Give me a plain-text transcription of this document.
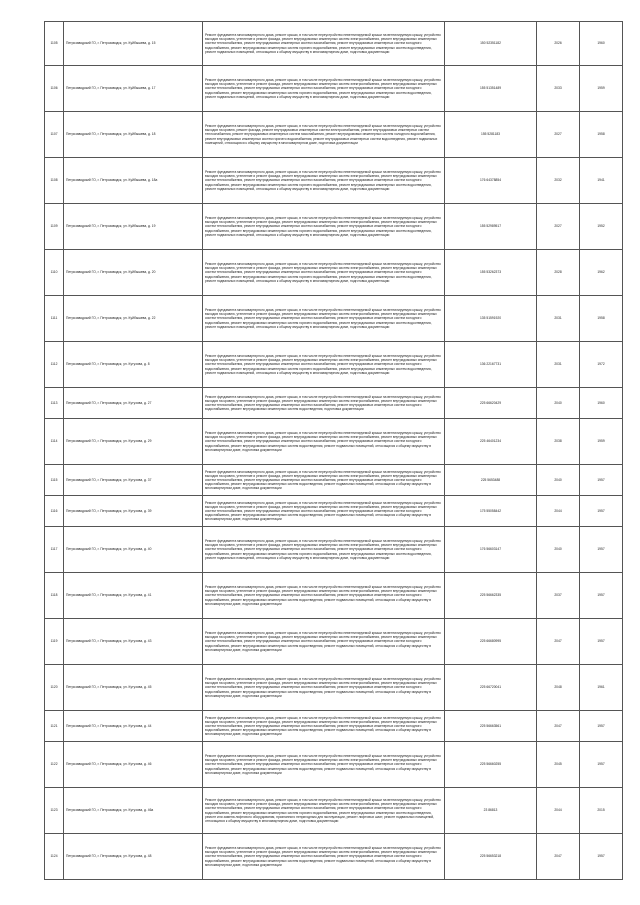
1105	Петрозаводский ГО, г. Петрозаводск, ул. Куйбышева, д. 15	Ремонт фундамента многоквартирного дома, ремонт крыши, в том числе переустройство невентилируемой крыши на вентилируемую крышу, устройство выходов на кровлю, утепление и ремонт фасада, ремонт внутридомовых инженерных систем электроснабжения, ремонт внутридомовых инженерных систем теплоснабжения, ремонт внутридомовых инженерных систем газоснабжения, ремонт внутридомовых инженерных систем холодного водоснабжения, ремонт внутридомовых инженерных систем горячего водоснабжения, ремонт внутридомовых инженерных систем водоотведения, ремонт подвальных помещений, относящихся к общему имуществу в многоквартирном доме, подготовка документации	150 52351182	2026	1960
1106	Петрозаводский ГО, г. Петрозаводск, ул. Куйбышева, д. 17	Ремонт фундамента многоквартирного дома, ремонт крыши, в том числе переустройство невентилируемой крыши на вентилируемую крышу, устройство выходов на кровлю, утепление и ремонт фасада, ремонт внутридомовых инженерных систем электроснабжения, ремонт внутридомовых инженерных систем теплоснабжения, ремонт внутридомовых инженерных систем газоснабжения, ремонт внутридомовых инженерных систем холодного водоснабжения, ремонт внутридомовых инженерных систем горячего водоснабжения, ремонт внутридомовых инженерных систем водоотведения, ремонт подвальных помещений, относящихся к общему имуществу в многоквартирном доме, подготовка документации	155 51351489	2033	1959
1107	Петрозаводский ГО, г. Петрозаводск, ул. Куйбышева, д. 18	Ремонт фундамента многоквартирного дома, ремонт крыши, в том числе переустройство невентилируемой крыши на вентилируемую крышу, устройство выходов на кровлю, ремонт фасада, ремонт внутридомовых инженерных систем электроснабжения, ремонт внутридомовых инженерных систем теплоснабжения, ремонт внутридомовых инженерных систем газоснабжения, ремонт внутридомовых инженерных систем холодного водоснабжения, ремонт внутридомовых инженерных систем горячего водоснабжения, ремонт внутридомовых инженерных систем водоотведения, ремонт подвальных помещений, относящихся к общему имуществу в многоквартирном доме, подготовка документации	155 5281183	2027	1958
1108	Петрозаводский ГО, г. Петрозаводск, ул. Куйбышева, д. 18а	Ремонт фундамента многоквартирного дома, ремонт крыши, в том числе переустройство невентилируемой крыши на вентилируемую крышу, устройство выходов на кровлю, утепление и ремонт фасада, ремонт внутридомовых инженерных систем электроснабжения, ремонт внутридомовых инженерных систем теплоснабжения, ремонт внутридомовых инженерных систем газоснабжения, ремонт внутридомовых инженерных систем холодного водоснабжения, ремонт внутридомовых инженерных систем горячего водоснабжения, ремонт внутридомовых инженерных систем водоотведения, ремонт подвальных помещений, относящихся к общему имуществу в многоквартирном доме, подготовка документации	176 64378854	2032	1941
1109	Петрозаводский ГО, г. Петрозаводск, ул. Куйбышева, д. 19	Ремонт фундамента многоквартирного дома, ремонт крыши, в том числе переустройство невентилируемой крыши на вентилируемую крышу, устройство выходов на кровлю, утепление и ремонт фасада, ремонт внутридомовых инженерных систем электроснабжения, ремонт внутридомовых инженерных систем теплоснабжения, ремонт внутридомовых инженерных систем газоснабжения, ремонт внутридомовых инженерных систем холодного водоснабжения, ремонт внутридомовых инженерных систем горячего водоснабжения, ремонт внутридомовых инженерных систем водоотведения, ремонт подвальных помещений, относящихся к общему имуществу в многоквартирном доме, подготовка документации	155 52989517	2027	1952
1110	Петрозаводский ГО, г. Петрозаводск, ул. Куйбышева, д. 20	Ремонт фундамента многоквартирного дома, ремонт крыши, в том числе переустройство невентилируемой крыши на вентилируемую крышу, устройство выходов на кровлю, утепление и ремонт фасада, ремонт внутридомовых инженерных систем электроснабжения, ремонт внутридомовых инженерных систем теплоснабжения, ремонт внутридомовых инженерных систем газоснабжения, ремонт внутридомовых инженерных систем холодного водоснабжения, ремонт внутридомовых инженерных систем горячего водоснабжения, ремонт внутридомовых инженерных систем водоотведения, ремонт подвальных помещений, относящихся к общему имуществу в многоквартирном доме, подготовка документации	155 53262373	2028	1962
1111	Петрозаводский ГО, г. Петрозаводск, ул. Куйбышева, д. 22	Ремонт фундамента многоквартирного дома, ремонт крыши, в том числе переустройство невентилируемой крыши на вентилируемую крышу, устройство выходов на кровлю, утепление и ремонт фасада, ремонт внутридомовых инженерных систем электроснабжения, ремонт внутридомовых инженерных систем теплоснабжения, ремонт внутридомовых инженерных систем газоснабжения, ремонт внутридомовых инженерных систем холодного водоснабжения, ремонт внутридомовых инженерных систем горячего водоснабжения, ремонт внутридомовых инженерных систем водоотведения, ремонт подвальных помещений, относящихся к общему имуществу в многоквартирном доме, подготовка документации	135 51591920	2031	1958
1112	Петрозаводский ГО, г. Петрозаводск, ул. Кутузова, д. 8	Ремонт фундамента многоквартирного дома, ремонт крыши, в том числе переустройство невентилируемой крыши на вентилируемую крышу, устройство выходов на кровлю, утепление и ремонт фасада, ремонт внутридомовых инженерных систем электроснабжения, ремонт внутридомовых инженерных систем теплоснабжения, ремонт внутридомовых инженерных систем газоснабжения, ремонт внутридомовых инженерных систем холодного водоснабжения, ремонт внутридомовых инженерных систем горячего водоснабжения, ремонт внутридомовых инженерных систем водоотведения, ремонт подвальных помещений, относящихся к общему имуществу в многоквартирном доме, подготовка документации	136 22167731	2031	1972
1113	Петрозаводский ГО, г. Петрозаводск, ул. Кутузова, д. 27	Ремонт фундамента многоквартирного дома, ремонт крыши, в том числе переустройство невентилируемой крыши на вентилируемую крышу, устройство выходов на кровлю, утепление и ремонт фасада, ремонт внутридомовых инженерных систем электроснабжения, ремонт внутридомовых инженерных систем теплоснабжения, ремонт внутридомовых инженерных систем газоснабжения, ремонт внутридомовых инженерных систем холодного водоснабжения, ремонт внутридомовых инженерных систем водоотведения, подготовка документации	225 66620429	2040	1960
1114	Петрозаводский ГО, г. Петрозаводск, ул. Кутузова, д. 29	Ремонт фундамента многоквартирного дома, ремонт крыши, в том числе переустройство невентилируемой крыши на вентилируемую крышу, устройство выходов на кровлю, утепление и ремонт фасада, ремонт внутридомовых инженерных систем электроснабжения, ремонт внутридомовых инженерных систем теплоснабжения, ремонт внутридомовых инженерных систем газоснабжения, ремонт внутридомовых инженерных систем холодного водоснабжения, ремонт внутридомовых инженерных систем водоотведения, ремонт подвальных помещений, относящихся к общему имуществу в многоквартирном доме, подготовка документации	225 46401234	2038	1959
1115	Петрозаводский ГО, г. Петрозаводск, ул. Кутузова, д. 37	Ремонт фундамента многоквартирного дома, ремонт крыши, в том числе переустройство невентилируемой крыши на вентилируемую крышу, устройство выходов на кровлю, утепление и ремонт фасада, ремонт внутридомовых инженерных систем электроснабжения, ремонт внутридомовых инженерных систем теплоснабжения, ремонт внутридомовых инженерных систем газоснабжения, ремонт внутридомовых инженерных систем холодного водоснабжения, ремонт внутридомовых инженерных систем водоотведения, ремонт подвальных помещений, относящихся к общему имуществу в многоквартирном доме, подготовка документации	225 5653488	2040	1957
1116	Петрозаводский ГО, г. Петрозаводск, ул. Кутузова, д. 39	Ремонт фундамента многоквартирного дома, ремонт крыши, в том числе переустройство невентилируемой крыши на вентилируемую крышу, устройство выходов на кровлю, утепление и ремонт фасада, ремонт внутридомовых инженерных систем электроснабжения, ремонт внутридомовых инженерных систем теплоснабжения, ремонт внутридомовых инженерных систем газоснабжения, ремонт внутридомовых инженерных систем холодного водоснабжения, ремонт внутридомовых инженерных систем водоотведения, ремонт подвальных помещений, относящихся к общему имуществу в многоквартирном доме, подготовка документации	175 55058442	2044	1957
1117	Петрозаводский ГО, г. Петрозаводск, ул. Кутузова, д. 40	Ремонт фундамента многоквартирного дома, ремонт крыши, в том числе переустройство невентилируемой крыши на вентилируемую крышу, устройство выходов на кровлю, утепление и ремонт фасада, ремонт внутридомовых инженерных систем электроснабжения, ремонт внутридомовых инженерных систем теплоснабжения, ремонт внутридомовых инженерных систем газоснабжения, ремонт внутридомовых инженерных систем холодного водоснабжения, ремонт внутридомовых инженерных систем горячего водоснабжения, ремонт внутридомовых инженерных систем водоотведения, ремонт подвальных помещений, относящихся к общему имуществу в многоквартирном доме, подготовка документации	176 56603147	2040	1957
1118	Петрозаводский ГО, г. Петрозаводск, ул. Кутузова, д. 41	Ремонт фундамента многоквартирного дома, ремонт крыши, в том числе переустройство невентилируемой крыши на вентилируемую крышу, устройство выходов на кровлю, утепление и ремонт фасада, ремонт внутридомовых инженерных систем электроснабжения, ремонт внутридомовых инженерных систем теплоснабжения, ремонт внутридомовых инженерных систем газоснабжения, ремонт внутридомовых инженерных систем холодного водоснабжения, ремонт внутридомовых инженерных систем водоотведения, ремонт подвальных помещений, относящихся к общему имуществу в многоквартирном доме, подготовка документации	225 56662335	2037	1957
1119	Петрозаводский ГО, г. Петрозаводск, ул. Кутузова, д. 43	Ремонт фундамента многоквартирного дома, ремонт крыши, в том числе переустройство невентилируемой крыши на вентилируемую крышу, устройство выходов на кровлю, утепление и ремонт фасада, ремонт внутридомовых инженерных систем электроснабжения, ремонт внутридомовых инженерных систем теплоснабжения, ремонт внутридомовых инженерных систем газоснабжения, ремонт внутридомовых инженерных систем холодного водоснабжения, ремонт внутридомовых инженерных систем водоотведения, ремонт подвальных помещений, относящихся к общему имуществу в многоквартирном доме, подготовка документации	225 66680995	2047	1957
1120	Петрозаводский ГО, г. Петрозаводск, ул. Кутузова, д. 45	Ремонт фундамента многоквартирного дома, ремонт крыши, в том числе переустройство невентилируемой крыши на вентилируемую крышу, устройство выходов на кровлю, утепление и ремонт фасада, ремонт внутридомовых инженерных систем электроснабжения, ремонт внутридомовых инженерных систем теплоснабжения, ремонт внутридомовых инженерных систем газоснабжения, ремонт внутридомовых инженерных систем холодного водоснабжения, ремонт внутридомовых инженерных систем водоотведения, ремонт подвальных помещений, относящихся к общему имуществу в многоквартирном доме, подготовка документации	225 66720041	2048	1961
1121	Петрозаводский ГО, г. Петрозаводск, ул. Кутузова, д. 44	Ремонт фундамента многоквартирного дома, ремонт крыши, в том числе переустройство невентилируемой крыши на вентилируемую крышу, устройство выходов на кровлю, утепление и ремонт фасада, ремонт внутридомовых инженерных систем электроснабжения, ремонт внутридомовых инженерных систем теплоснабжения, ремонт внутридомовых инженерных систем газоснабжения, ремонт внутридомовых инженерных систем холодного водоснабжения, ремонт внутридомовых инженерных систем водоотведения, ремонт подвальных помещений, относящихся к общему имуществу в многоквартирном доме, подготовка документации	225 56663561	2047	1957
1122	Петрозаводский ГО, г. Петрозаводск, ул. Кутузова, д. 46	Ремонт фундамента многоквартирного дома, ремонт крыши, в том числе переустройство невентилируемой крыши на вентилируемую крышу, устройство выходов на кровлю, утепление и ремонт фасада, ремонт внутридомовых инженерных систем электроснабжения, ремонт внутридомовых инженерных систем теплоснабжения, ремонт внутридомовых инженерных систем газоснабжения, ремонт внутридомовых инженерных систем холодного водоснабжения, ремонт внутридомовых инженерных систем водоотведения, ремонт подвальных помещений, относящихся к общему имуществу в многоквартирном доме, подготовка документации	225 56660255	2045	1957
1123	Петрозаводский ГО, г. Петрозаводск, ул. Кутузова, д. 46а	Ремонт фундамента многоквартирного дома, ремонт крыши, в том числе переустройство невентилируемой крыши на вентилируемую крышу, устройство выходов на кровлю, утепление и ремонт фасада, ремонт внутридомовых инженерных систем электроснабжения, ремонт внутридомовых инженерных систем теплоснабжения, ремонт внутридомовых инженерных систем газоснабжения, ремонт внутридомовых инженерных систем холодного водоснабжения, ремонт внутридомовых инженерных систем горячего водоснабжения, ремонт внутридомовых инженерных систем водоотведения, ремонт или замена лифтового оборудования, признанного непригодным для эксплуатации, ремонт лифтовых шахт, ремонт подвальных помещений, относящихся к общему имуществу в многоквартирном доме, подготовка документации	23 86813	2044	2015
1124	Петрозаводский ГО, г. Петрозаводск, ул. Кутузова, д. 48	Ремонт фундамента многоквартирного дома, ремонт крыши, в том числе переустройство невентилируемой крыши на вентилируемую крышу, устройство выходов на кровлю, утепление и ремонт фасада, ремонт внутридомовых инженерных систем электроснабжения, ремонт внутридомовых инженерных систем теплоснабжения, ремонт внутридомовых инженерных систем газоснабжения, ремонт внутридомовых инженерных систем холодного водоснабжения, ремонт внутридомовых инженерных систем водоотведения, ремонт подвальных помещений, относящихся к общему имуществу в многоквартирном доме, подготовка документации	225 56653218	2047	1957
